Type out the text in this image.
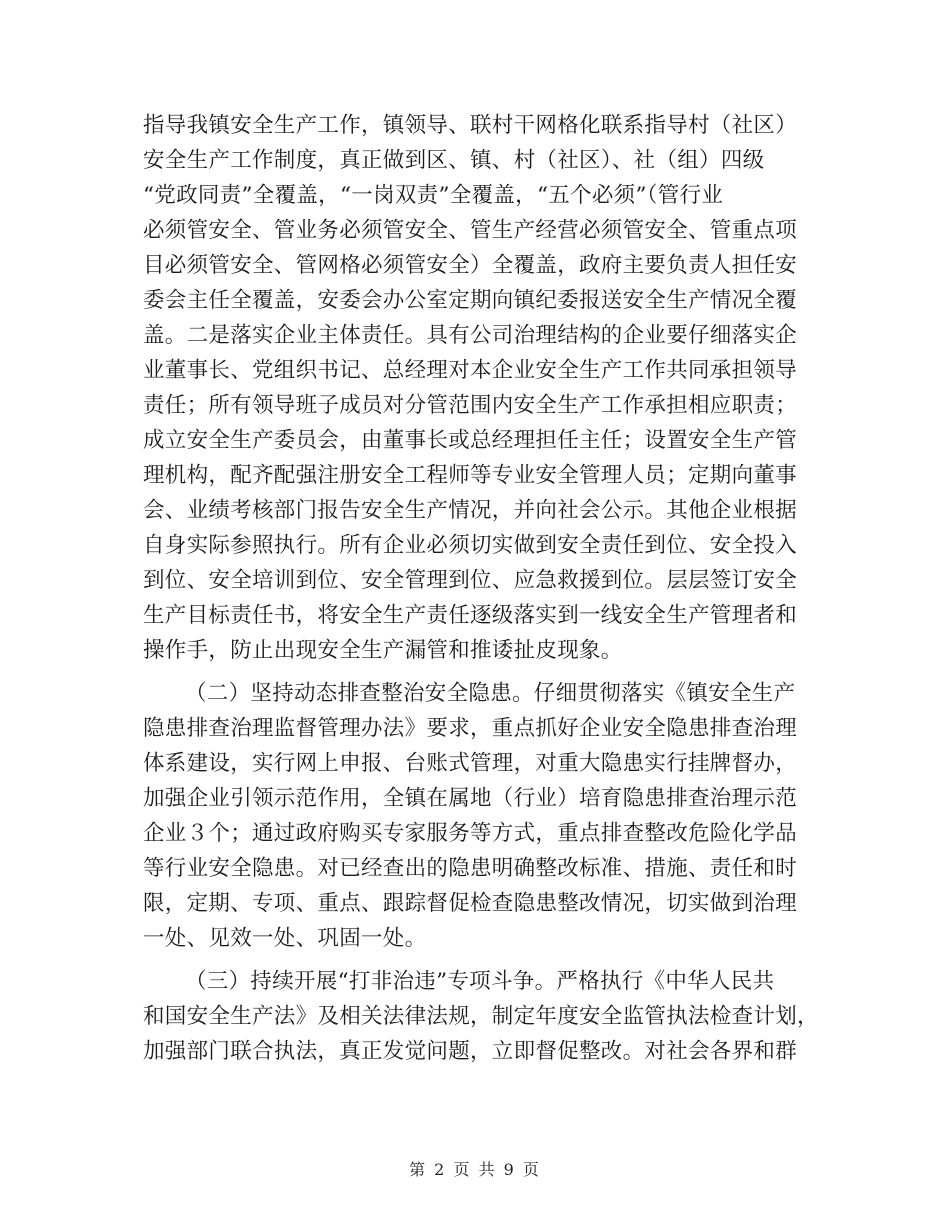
指导我镇安全生产工作，镇领导、联村干网格化联系指导村（社区）
安全生产工作制度，真正做到区、镇、村（社区）、社（组）四级
“党政同责”全覆盖，“一岗双责”全覆盖，“五个必须”（管行业
必须管安全、管业务必须管安全、管生产经营必须管安全、管重点项
目必须管安全、管网格必须管安全）全覆盖，政府主要负责人担任安
委会主任全覆盖，安委会办公室定期向镇纪委报送安全生产情况全覆
盖。二是落实企业主体责任。具有公司治理结构的企业要仔细落实企
业董事长、党组织书记、总经理对本企业安全生产工作共同承担领导
责任；所有领导班子成员对分管范围内安全生产工作承担相应职责；
成立安全生产委员会，由董事长或总经理担任主任；设置安全生产管
理机构，配齐配强注册安全工程师等专业安全管理人员；定期向董事
会、业绩考核部门报告安全生产情况，并向社会公示。其他企业根据
自身实际参照执行。所有企业必须切实做到安全责任到位、安全投入
到位、安全培训到位、安全管理到位、应急救援到位。层层签订安全
生产目标责任书，将安全生产责任逐级落实到一线安全生产管理者和
操作手，防止出现安全生产漏管和推诿扯皮现象。
（二）坚持动态排查整治安全隐患。仔细贯彻落实《镇安全生产
隐患排查治理监督管理办法》要求，重点抓好企业安全隐患排查治理
体系建设，实行网上申报、台账式管理，对重大隐患实行挂牌督办，
加强企业引领示范作用，全镇在属地（行业）培育隐患排查治理示范
企业３个；通过政府购买专家服务等方式，重点排查整改危险化学品
等行业安全隐患。对已经查出的隐患明确整改标准、措施、责任和时
限，定期、专项、重点、跟踪督促检查隐患整改情况，切实做到治理
一处、见效一处、巩固一处。
（三）持续开展“打非治违”专项斗争。严格执行《中华人民共
和国安全生产法》及相关法律法规，制定年度安全监管执法检查计划，
加强部门联合执法，真正发觉问题，立即督促整改。对社会各界和群
第 2 页 共 9 页
